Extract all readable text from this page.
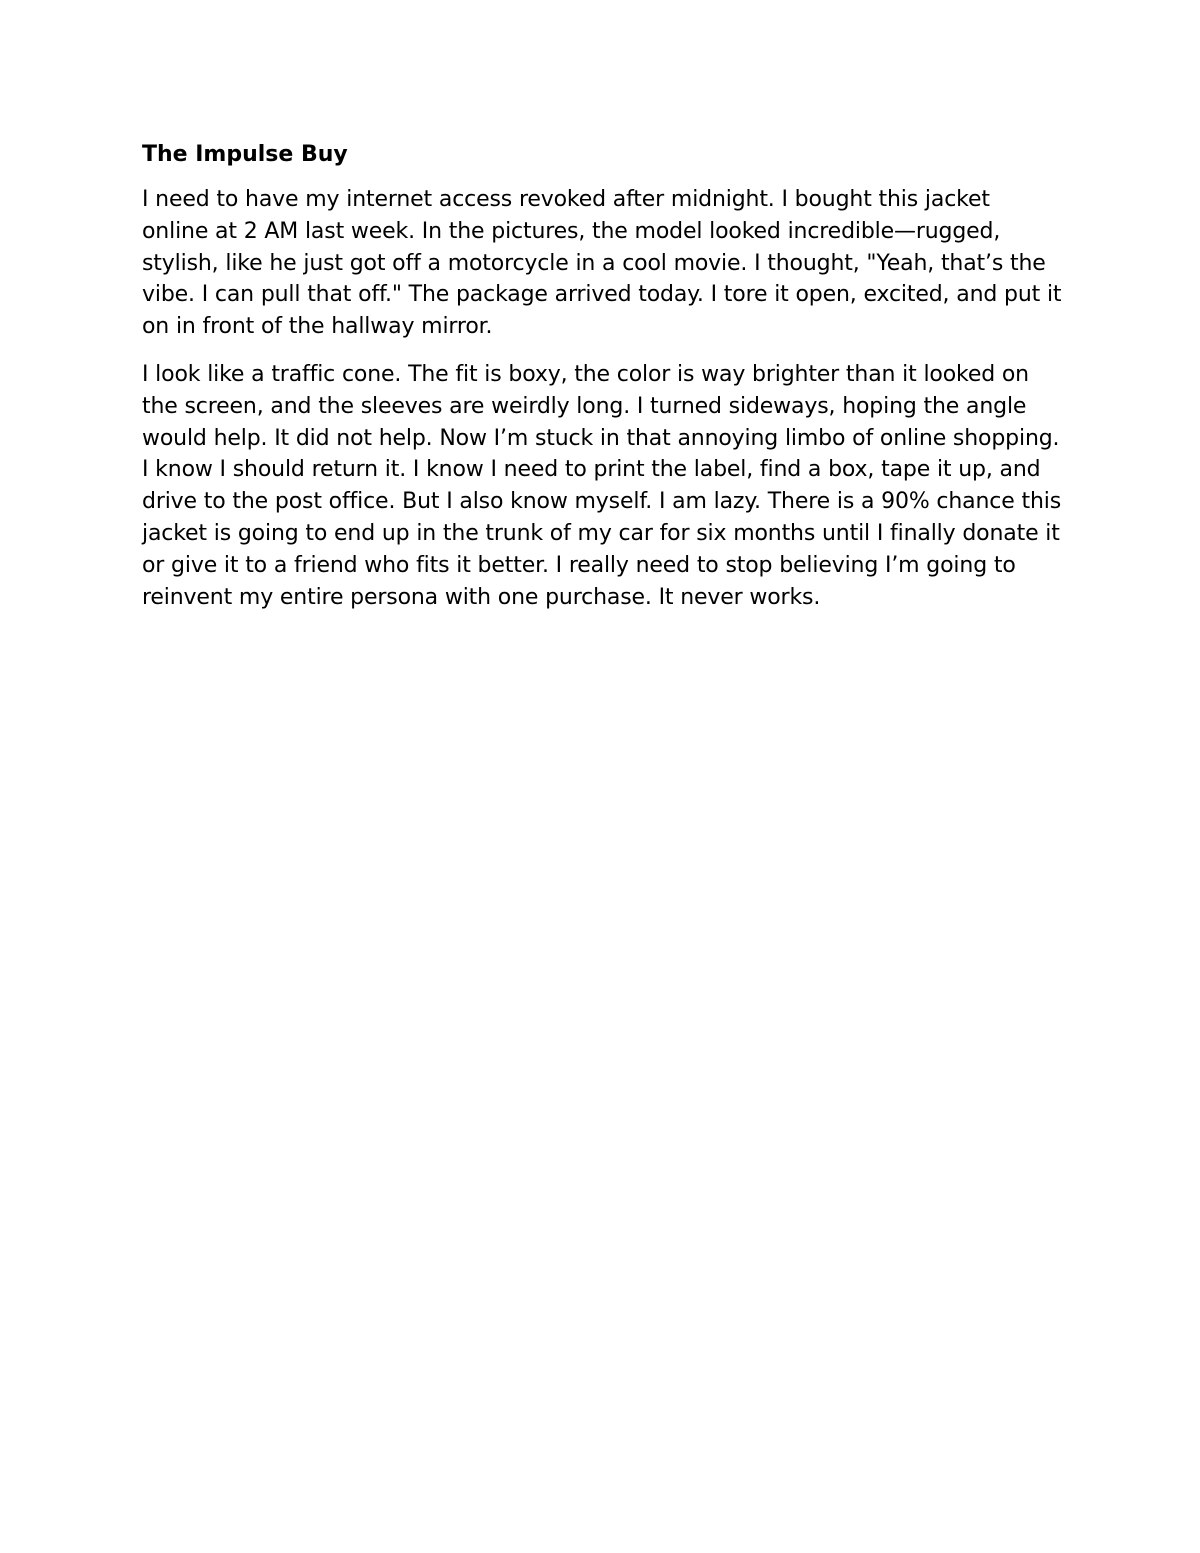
The Impulse Buy

I need to have my internet access revoked after midnight. I bought this jacket online at 2 AM last week. In the pictures, the model looked incredible—rugged, stylish, like he just got off a motorcycle in a cool movie. I thought, "Yeah, that’s the vibe. I can pull that off." The package arrived today. I tore it open, excited, and put it on in front of the hallway mirror.

I look like a traffic cone. The fit is boxy, the color is way brighter than it looked on the screen, and the sleeves are weirdly long. I turned sideways, hoping the angle would help. It did not help. Now I’m stuck in that annoying limbo of online shopping. I know I should return it. I know I need to print the label, find a box, tape it up, and drive to the post office. But I also know myself. I am lazy. There is a 90% chance this jacket is going to end up in the trunk of my car for six months until I finally donate it or give it to a friend who fits it better. I really need to stop believing I’m going to reinvent my entire persona with one purchase. It never works.
